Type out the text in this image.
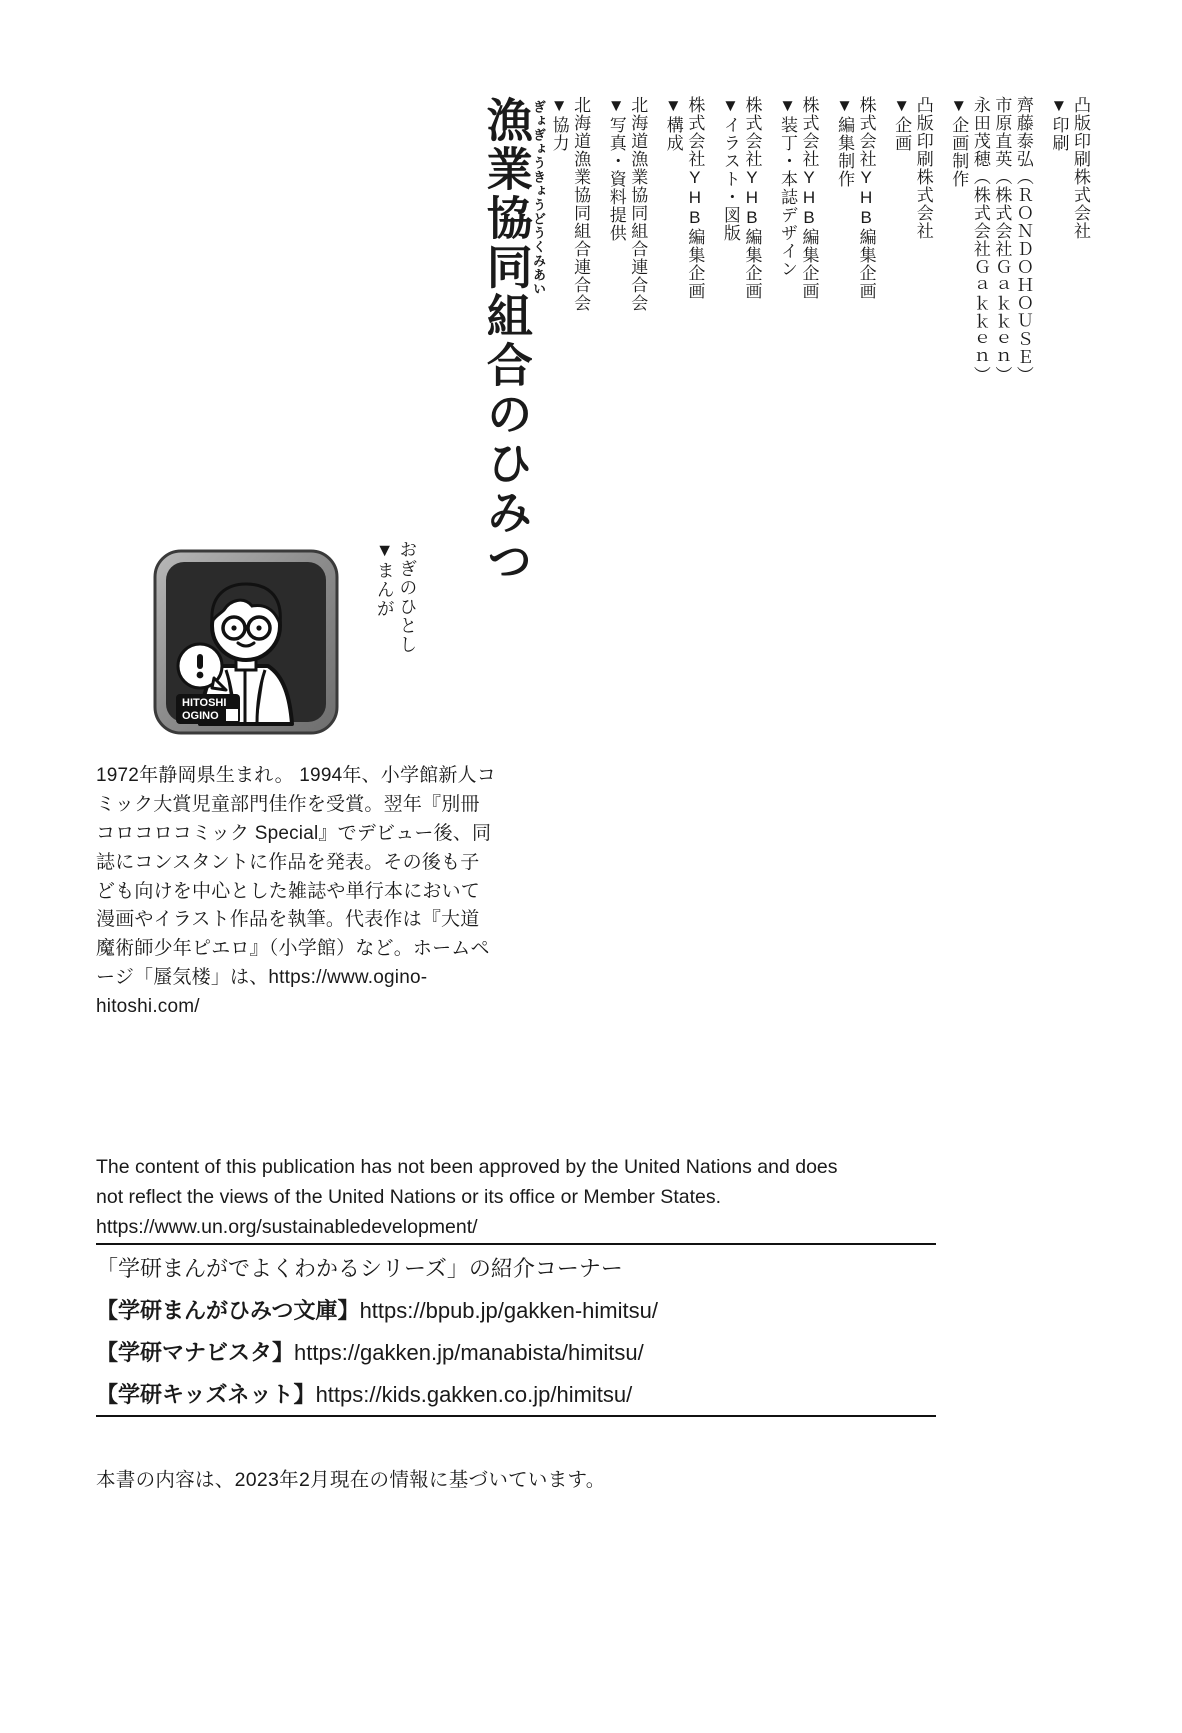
漁業協同組合のひみつ
ぎょぎょうきょうどうくみあい ▼協力 北海道漁業協同組合連合会 ▼写真・資料提供 北海道漁業協同組合連合会 ▼構成 株式会社YHB編集企画 ▼イラスト・図版 株式会社YHB編集企画 ▼装丁・本誌デザイン 株式会社YHB編集企画 ▼編集制作 株式会社YHB編集企画 ▼企画 凸版印刷株式会社 ▼企画制作 永田茂穂（株式会社Ｇａｋｋｅｎ） 市原直英（株式会社Ｇａｋｋｅｎ） 齊藤泰弘（ＲＯＮＤＯＨＯＵＳＥ） ▼印刷 凸版印刷株式会社
▼まんが おぎのひとし
HITOSHI
OGINO
1972年静岡県生まれ。 1994年、小学館新人コミック大賞児童部門佳作を受賞。翌年『別冊コロコロコミック Special』でデビュー後、同誌にコンスタントに作品を発表。その後も子ども向けを中心とした雑誌や単行本において漫画やイラスト作品を執筆。代表作は『大道魔術師少年ピエロ』（小学館）など。ホームページ「蜃気楼」は、https://www.ogino-hitoshi.com/
The content of this publication has not been approved by the United Nations and does not reflect the views of the United Nations or its office or Member States. https://www.un.org/sustainabledevelopment/
「学研まんがでよくわかるシリーズ」の紹介コーナー
【学研まんがひみつ文庫】https://bpub.jp/gakken-himitsu/
【学研マナビスタ】https://gakken.jp/manabista/himitsu/
【学研キッズネット】https://kids.gakken.co.jp/himitsu/
本書の内容は、2023年2月現在の情報に基づいています。
